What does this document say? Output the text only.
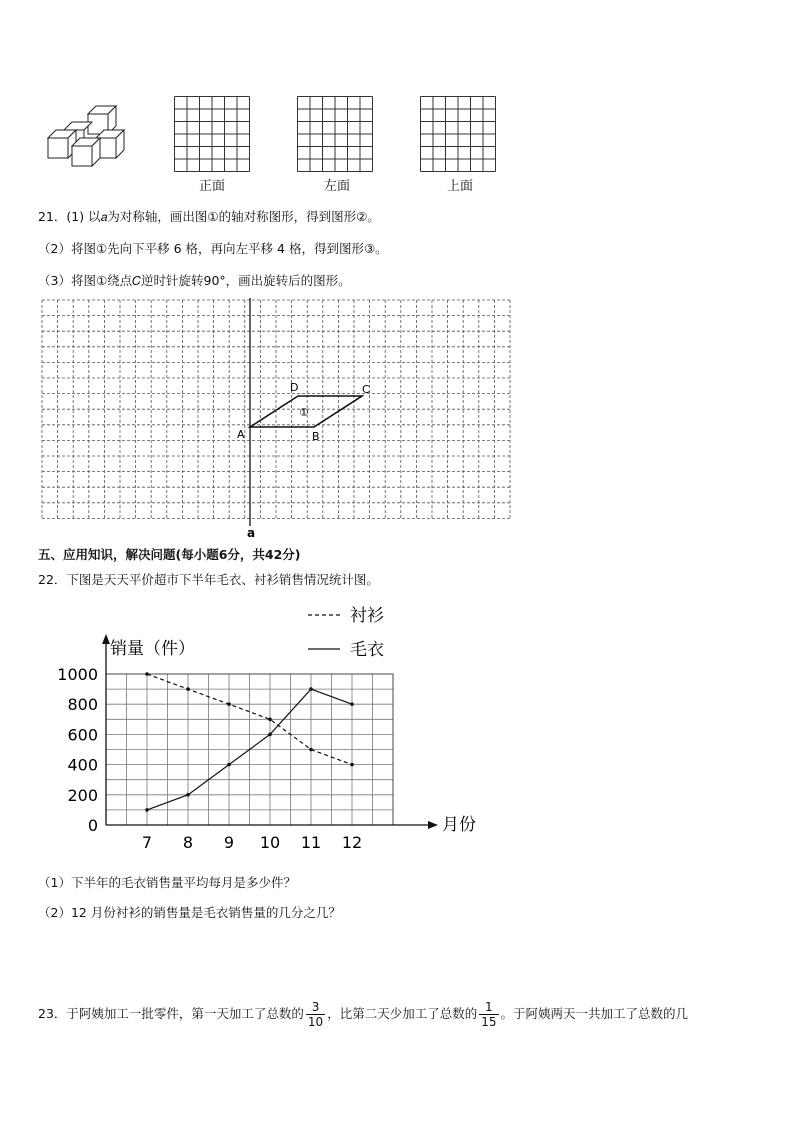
正面	左面	上面
21．(1) 以𝑎为对称轴，画出图①的轴对称图形，得到图形②。
（2）将图①先向下平移 6 格，再向左平移 4 格，得到图形③。
（3）将图①绕点𝐶逆时针旋转90°，画出旋转后的图形。
A	B
C
D
①
a
五、应用知识，解决问题(每小题6分，共42分)
22．下图是天天平价超市下半年毛衣、衬衫销售情况统计图。
0
200
400
600
800
1000
7 8 9 10 11 12
衬衫
毛衣
销量（件）
月份
（1）下半年的毛衣销售量平均每月是多少件？
（2）12 月份衬衫的销售量是毛衣销售量的几分之几？
23．于阿姨加工一批零件，第一天加工了总数的 $\frac{3}{10}$ ，比第二天少加工了总数的 $\frac{1}{15}$ 。于阿姨两天一共加工了总数的几
